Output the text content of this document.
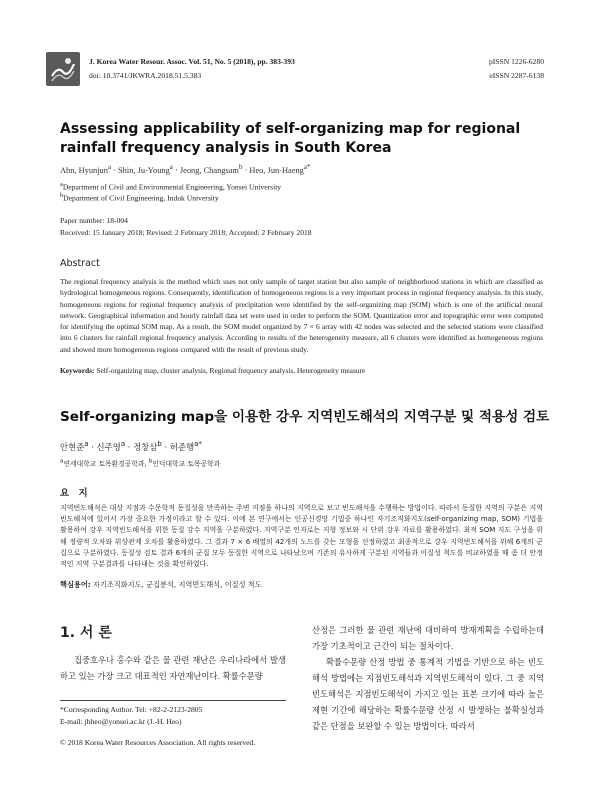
J. Korea Water Resour. Assoc. Vol. 51, No. 5 (2018), pp. 383-393
doi: 10.3741/JKWRA.2018.51.5.383
pISSN 1226-6280
eISSN 2287-6138
Assessing applicability of self-organizing map for regional rainfall frequency analysis in South Korea
Ahn, Hyunjun$^a$ · Shin, Ju-Young$^a$ · Jeong, Changsam$^b$ · Heo, Jun-Haeng$^{a*}$
$^a$Department of Civil and Environmental Engineering, Yonsei University
$^b$Department of Civil Engineering, Induk University
Paper number: 18-004
Received: 15 January 2018; Revised: 2 February 2018; Accepted: 2 February 2018
Abstract
The regional frequency analysis is the method which uses not only sample of target station but also sample of neighborhood stations in which are classified as hydrological homogeneous regions. Consequently, identification of homogeneous regions is a very important process in regional frequency analysis. In this study, homogeneous regions for regional frequency analysis of precipitation were identified by the self-organizing map (SOM) which is one of the artificial neural network. Geographical information and hourly rainfall data set were used in order to perform the SOM. Quantization error and topographic error were computed for identifying the optimal SOM map. As a result, the SOM model organized by 7 × 6 array with 42 nodes was selected and the selected stations were classified into 6 clusters for rainfall regional frequency analysis. According to results of the heterogeneity measure, all 6 clusters were identified as homogeneous regions and showed more homogeneous regions compared with the result of previous study.
Keywords: Self-organizing map, cluster analysis, Regional frequency analysis, Heterogeneity measure
Self-organizing map을 이용한 강우 지역빈도해석의 지역구분 및 적용성 검토
안현준$^a$ · 신주영$^a$ · 정창삼$^b$ · 허준행$^{a*}$
$^a$연세대학교 토목환경공학과, $^b$인덕대학교 토목공학과
요 지
지역빈도해석은 대상 지점과 수문학적 동질성을 만족하는 주변 지점을 하나의 지역으로 보고 빈도해석을 수행하는 방법이다. 따라서 동질한 지역의 구분은 지역빈도해석에 있어서 가장 중요한 가정이라고 할 수 있다. 이에 본 연구에서는 인공신경망 기법중 하나인 자기조직화지도(self-organizing map, SOM) 기법을 활용하여 강우 지역빈도해석을 위한 동질 강수 지역을 구분하였다. 지역구분 인자로는 지형 정보와 시 단위 강우 자료를 활용하였다. 최적 SOM 지도 구성을 위해 정량적 오차와 위상관계 오차를 활용하였다. 그 결과 7 × 6 배열의 42개의 노드를 갖는 모형을 선정하였고 최종적으로 강우 지역빈도해석을 위해 6개의 군집으로 구분하였다. 동질성 검토 결과 6개의 군집 모두 동질한 지역으로 나타났으며 기존의 유사하게 구분된 지역들과 이질성 척도를 비교하였을 때 좀 더 안정적인 지역 구분결과를 나타내는 것을 확인하였다.
핵심용어: 자기조직화지도, 군집분석, 지역빈도해석, 이질성 척도
1. 서 론
집중호우나 홍수와 같은 물 관련 재난은 우리나라에서 발생하고 있는 가장 크고 대표적인 자연재난이다. 확률수문량

산정은 그러한 물 관련 재난에 대비하여 방재계획을 수립하는데 가장 기초적이고 근간이 되는 절차이다.

확률수문량 산정 방법 중 통계적 기법을 기반으로 하는 빈도해석 방법에는 지점빈도해석과 지역빈도해석이 있다. 그 중 지역빈도해석은 지점빈도해석이 가지고 있는 표본 크기에 따라 높은 제현 기간에 해당하는 확률수문량 산정 시 발생하는 불확실성과 같은 단점을 보완할 수 있는 방법이다. 따라서

*Corresponding Author. Tel: +82-2-2123-2805
E-mail: jhheo@yonsei.ac.kr (J.-H. Heo)
© 2018 Korea Water Resources Association. All rights reserved.
